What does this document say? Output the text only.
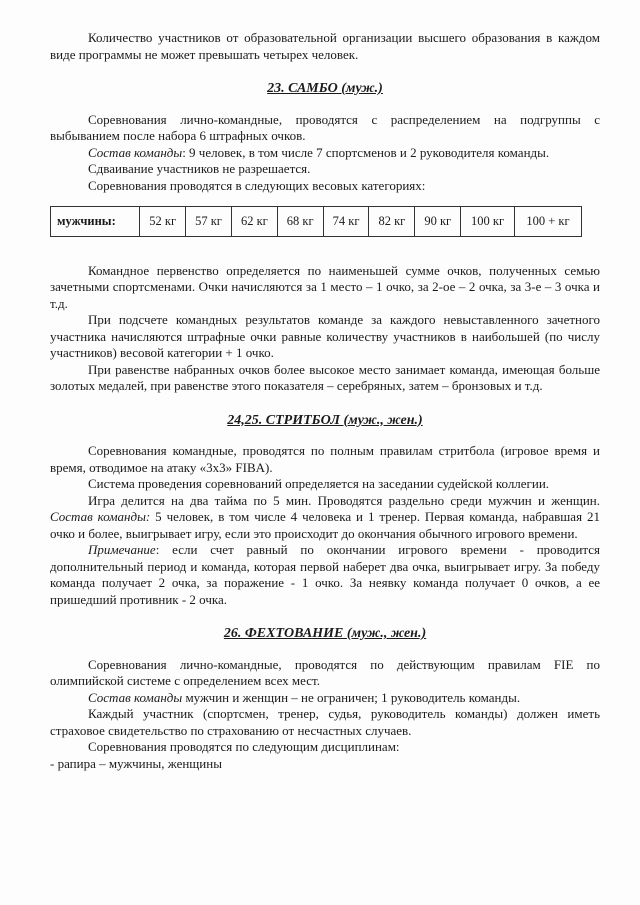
Количество участников от образовательной организации высшего образования в каждом виде программы не может превышать четырех человек.

23. САМБО (муж.)

Соревнования лично-командные, проводятся с распределением на подгруппы с выбыванием после набора 6 штрафных очков.

Состав команды: 9 человек, в том числе 7 спортсменов и 2 руководителя команды.

Сдваивание участников не разрешается.

Соревнования проводятся в следующих весовых категориях:

мужчины:	52 кг	57 кг	62 кг	68 кг	74 кг	82 кг	90 кг	100 кг	100 + кг

Командное первенство определяется по наименьшей сумме очков, полученных семью зачетными спортсменами. Очки начисляются за 1 место – 1 очко, за 2-ое – 2 очка, за 3-е – 3 очка и т.д.

При подсчете командных результатов команде за каждого невыставленного зачетного участника начисляются штрафные очки равные количеству участников в наибольшей (по числу участников) весовой категории + 1 очко.

При равенстве набранных очков более высокое место занимает команда, имеющая больше золотых медалей, при равенстве этого показателя – серебряных, затем – бронзовых и т.д.

24,25. СТРИТБОЛ (муж., жен.)

Соревнования командные, проводятся по полным правилам стритбола (игровое время и время, отводимое на атаку «3х3» FIBA).

Система проведения соревнований определяется на заседании судейской коллегии.

Игра делится на два тайма по 5 мин. Проводятся раздельно среди мужчин и женщин. Состав команды: 5 человек, в том числе 4 человека и 1 тренер. Первая команда, набравшая 21 очко и более, выигрывает игру, если это происходит до окончания обычного игрового времени.

Примечание: если счет равный по окончании игрового времени - проводится дополнительный период и команда, которая первой наберет два очка, выигрывает игру. За победу команда получает 2 очка, за поражение - 1 очко. За неявку команда получает 0 очков, а ее пришедший противник - 2 очка.

26. ФЕХТОВАНИЕ (муж., жен.)

Соревнования лично-командные, проводятся по действующим правилам FIE по олимпийской системе с определением всех мест.

Состав команды мужчин и женщин – не ограничен; 1 руководитель команды.

Каждый участник (спортсмен, тренер, судья, руководитель команды) должен иметь страховое свидетельство по страхованию от несчастных случаев.

Соревнования проводятся по следующим дисциплинам:

- рапира – мужчины, женщины
